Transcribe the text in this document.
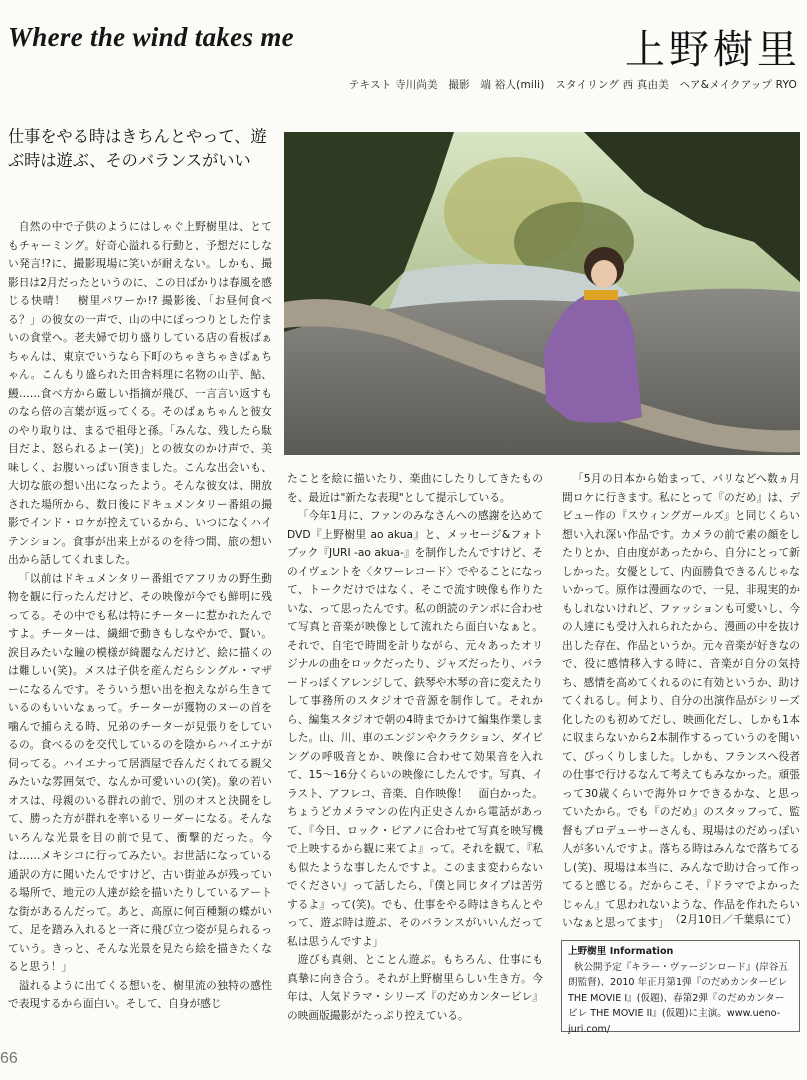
Where the wind takes me	上野樹里
テキスト 寺川尚美　撮影　端 裕人(mili)　スタイリング 西 真由美　ヘア&メイクアップ RYO
仕事をやる時はきちんとやって、遊ぶ時は遊ぶ、そのバランスがいい

自然の中で子供のようにはしゃぐ上野樹里は、とてもチャーミング。好奇心溢れる行動と、予想だにしない発言!?に、撮影現場に笑いが耐えない。しかも、撮影日は2月だったというのに、この日ばかりは春風を感じる快晴！　樹里パワーか!? 撮影後、「お昼何食べる？」の彼女の一声で、山の中にぽっつりとした佇まいの食堂へ。老夫婦で切り盛りしている店の看板ばぁちゃんは、東京でいうなら下町のちゃきちゃきばぁちゃん。こんもり盛られた田舎料理に名物の山芋、鮎、鰻……食べ方から厳しい指摘が飛び、一言言い返すものなら倍の言葉が返ってくる。そのばぁちゃんと彼女のやり取りは、まるで祖母と孫。「みんな、残したら駄目だよ、怒られるよー(笑)」との彼女のかけ声で、美味しく、お腹いっぱい頂きました。こんな出会いも、大切な旅の想い出になったよう。そんな彼女は、開放された場所から、数日後にドキュメンタリー番組の撮影でインド・ロケが控えているから、いつになくハイテンション。食事が出来上がるのを待つ間、旅の想い出から話してくれました。

「以前はドキュメンタリー番組でアフリカの野生動物を観に行ったんだけど、その映像が今でも鮮明に残ってる。その中でも私は特にチーターに惹かれたんですよ。チーターは、繊細で動きもしなやかで、賢い。涙目みたいな瞳の模様が綺麗なんだけど、絵に描くのは難しい(笑)。メスは子供を産んだらシングル・マザーになるんです。そういう想い出を抱えながら生きているのもいいなぁって。チーターが獲物のヌーの首を噛んで捕らえる時、兄弟のチーターが見張りをしているの。食べるのを交代しているのを陰からハイエナが伺ってる。ハイエナって居酒屋で呑んだくれてる親父みたいな雰囲気で、なんか可愛いいの(笑)。象の若いオスは、母親のいる群れの前で、別のオスと決闘をして、勝った方が群れを率いるリーダーになる。そんないろんな光景を目の前で見て、衝撃的だった。今は……メキシコに行ってみたい。お世話になっている通訳の方に聞いたんですけど、古い街並みが残っている場所で、地元の人達が絵を描いたりしているアートな街があるんだって。あと、高原に何百種類の蝶がいて、足を踏み入れると一斉に飛び立つ姿が見られるっていう。きっと、そんな光景を見たら絵を描きたくなると思う！」

溢れるように出てくる想いを、樹里流の独特の感性で表現するから面白い。そして、自身が感じ

たことを絵に描いたり、楽曲にしたりしてきたものを、最近は"新たな表現"として提示している。

「今年1月に、ファンのみなさんへの感謝を込めてDVD『上野樹里 ao akua』と、メッセージ&フォトブック『JURI -ao akua-』を制作したんですけど、そのイヴェントを〈タワーレコード〉でやることになって、トークだけではなく、そこで流す映像も作りたいな、って思ったんです。私の朗読のテンポに合わせて写真と音楽が映像として流れたら面白いなぁと。それで、自宅で時間を計りながら、元々あったオリジナルの曲をロックだったり、ジャズだったり、バラードっぽくアレンジして、鉄琴や木琴の音に変えたりして事務所のスタジオで音源を制作して。それから、編集スタジオで朝の4時までかけて編集作業しました。山、川、車のエンジンやクラクション、ダイビングの呼吸音とか、映像に合わせて効果音を入れて、15〜16分くらいの映像にしたんです。写真、イラスト、アフレコ、音楽、自作映像！　面白かった。ちょうどカメラマンの佐内正史さんから電話があって、『今日、ロック・ピアノに合わせて写真を映写機で上映するから観に来てよ』って。それを観て、『私も似たような事したんですよ。このまま変わらないでください』って話したら、『僕と同じタイプは苦労するよ』って(笑)。でも、仕事をやる時はきちんとやって、遊ぶ時は遊ぶ、そのバランスがいいんだって私は思うんですよ」

遊びも真剣、とことん遊ぶ。もちろん、仕事にも真摯に向き合う。それが上野樹里らしい生き方。今年は、人気ドラマ・シリーズ『のだめカンタービレ』の映画版撮影がたっぷり控えている。

「5月の日本から始まって、パリなどへ数ヵ月間ロケに行きます。私にとって『のだめ』は、デビュー作の『スウィングガールズ』と同じくらい想い入れ深い作品です。カメラの前で素の顔をしたりとか、自由度があったから、自分にとって新しかった。女優として、内面勝負できるんじゃないかって。原作は漫画なので、一見、非現実的かもしれないけれど、ファッションも可愛いし、今の人達にも受け入れられたから、漫画の中を抜け出した存在、作品というか。元々音楽が好きなので、役に感情移入する時に、音楽が自分の気持ち、感情を高めてくれるのに有効というか、助けてくれるし。何より、自分の出演作品がシリーズ化したのも初めてだし、映画化だし、しかも1本に収まらないから2本制作するっていうのを聞いて、びっくりしました。しかも、フランスへ役者の仕事で行けるなんて考えてもみなかった。頑張って30歳くらいで海外ロケできるかな、と思っていたから。でも『のだめ』のスタッフって、監督もプロデューサーさんも、現場はのだめっぽい人が多いんですよ。落ちる時はみんなで落ちてるし(笑)、現場は本当に、みんなで助け合って作ってると感じる。だからこそ、『ドラマでよかったじゃん』て思われないような、作品を作れたらいいなぁと思ってます」 （2月10日／千葉県にて）
上野樹里 Information
秋公開予定『キラー・ヴァージンロード』(岸谷五朗監督)、2010 年正月第1弾『のだめカンタービレ THE MOVIE I』(仮題)、春第2弾『のだめカンタービレ THE MOVIE II』(仮題)に主演。www.ueno-juri.com/
66
